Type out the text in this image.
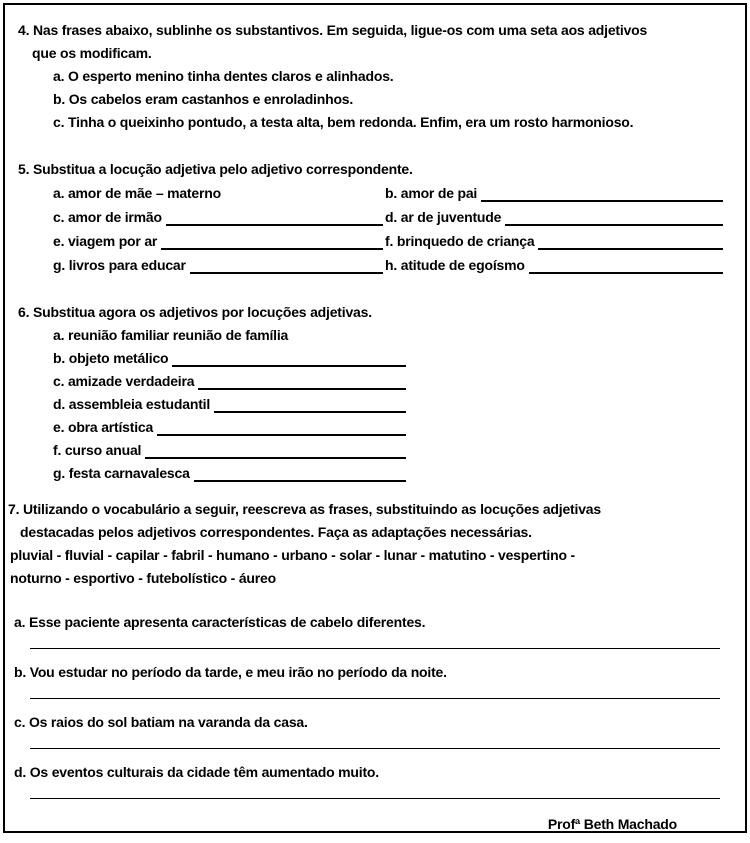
4. Nas frases abaixo, sublinhe os substantivos. Em seguida, ligue-os com uma seta aos adjetivos
que os modificam.
a. O esperto menino tinha dentes claros e alinhados.
b. Os cabelos eram castanhos e enroladinhos.
c. Tinha o queixinho pontudo, a testa alta, bem redonda. Enfim, era um rosto harmonioso.
5. Substitua a locução adjetiva pelo adjetivo correspondente.
a. amor de mãe – materno	b. amor de pai
c. amor de irmão	d. ar de juventude
e. viagem por ar	f. brinquedo de criança
g. livros para educar	h. atitude de egoísmo
6. Substitua agora os adjetivos por locuções adjetivas.
a. reunião familiar reunião de família
b. objeto metálico
c. amizade verdadeira
d. assembleia estudantil
e. obra artística
f. curso anual
g. festa carnavalesca
7. Utilizando o vocabulário a seguir, reescreva as frases, substituindo as locuções adjetivas
destacadas pelos adjetivos correspondentes. Faça as adaptações necessárias.
pluvial - fluvial - capilar - fabril - humano - urbano - solar - lunar - matutino - vespertino -
noturno - esportivo - futebolístico - áureo
a. Esse paciente apresenta características de cabelo diferentes.
b. Vou estudar no período da tarde, e meu irão no período da noite.
c. Os raios do sol batiam na varanda da casa.
d. Os eventos culturais da cidade têm aumentado muito.
Profª Beth Machado
